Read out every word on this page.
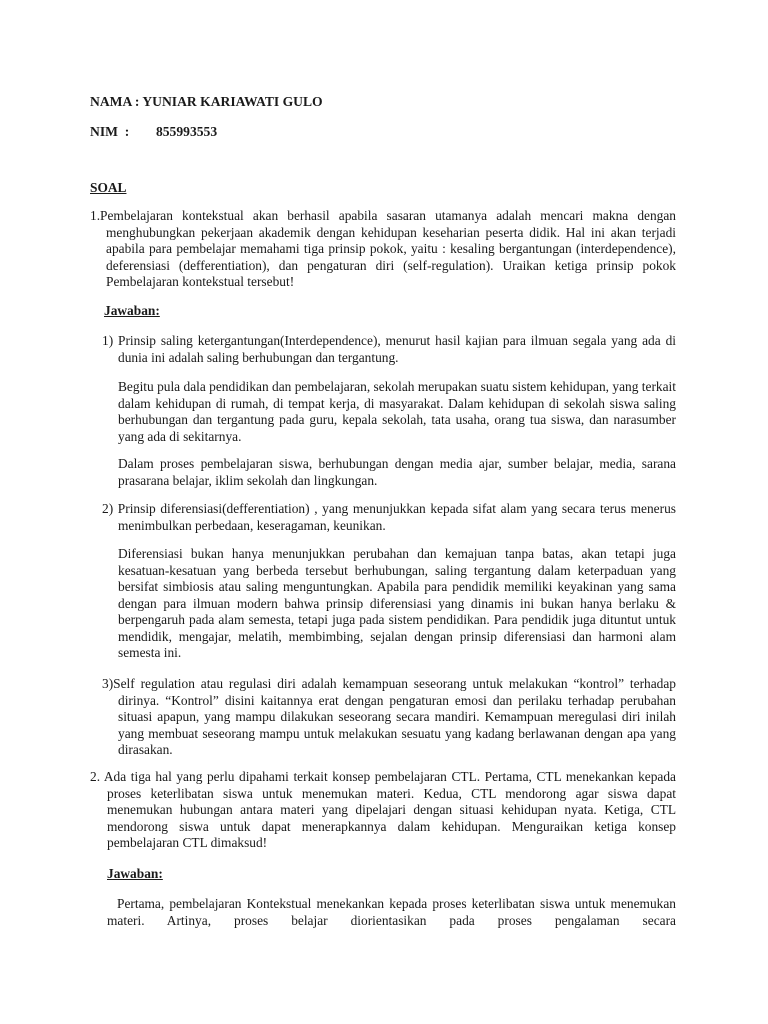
NAMA : YUNIAR KARIAWATI GULO
NIM  : 855993553
SOAL
1.Pembelajaran kontekstual akan berhasil apabila sasaran utamanya adalah mencari makna dengan menghubungkan pekerjaan akademik dengan kehidupan keseharian peserta didik. Hal ini akan terjadi apabila para pembelajar memahami tiga prinsip pokok, yaitu : kesaling bergantungan (interdependence), deferensiasi (defferentiation), dan pengaturan diri (self-regulation). Uraikan ketiga prinsip pokok Pembelajaran kontekstual tersebut!
Jawaban:
1) Prinsip saling ketergantungan(Interdependence), menurut hasil kajian para ilmuan segala yang ada di dunia ini adalah saling berhubungan dan tergantung.
Begitu pula dala pendidikan dan pembelajaran, sekolah merupakan suatu sistem kehidupan, yang terkait dalam kehidupan di rumah, di tempat kerja, di masyarakat. Dalam kehidupan di sekolah siswa saling berhubungan dan tergantung pada guru, kepala sekolah, tata usaha, orang tua siswa, dan narasumber yang ada di sekitarnya.
Dalam proses pembelajaran siswa, berhubungan dengan media ajar, sumber belajar, media, sarana prasarana belajar, iklim sekolah dan lingkungan.
2) Prinsip diferensiasi(defferentiation) , yang menunjukkan kepada sifat alam yang secara terus menerus menimbulkan perbedaan, keseragaman, keunikan.
Diferensiasi bukan hanya menunjukkan perubahan dan kemajuan tanpa batas, akan tetapi juga kesatuan-kesatuan yang berbeda tersebut berhubungan, saling tergantung dalam keterpaduan yang bersifat simbiosis atau saling menguntungkan. Apabila para pendidik memiliki keyakinan yang sama dengan para ilmuan modern bahwa prinsip diferensiasi yang dinamis ini bukan hanya berlaku & berpengaruh pada alam semesta, tetapi juga pada sistem pendidikan. Para pendidik juga dituntut untuk mendidik, mengajar, melatih, membimbing, sejalan dengan prinsip diferensiasi dan harmoni alam semesta ini.
3)Self regulation atau regulasi diri adalah kemampuan seseorang untuk melakukan “kontrol” terhadap dirinya. “Kontrol” disini kaitannya erat dengan pengaturan emosi dan perilaku terhadap perubahan situasi apapun, yang mampu dilakukan seseorang secara mandiri. Kemampuan meregulasi diri inilah yang membuat seseorang mampu untuk melakukan sesuatu yang kadang berlawanan dengan apa yang dirasakan.
2. Ada tiga hal yang perlu dipahami terkait konsep pembelajaran CTL. Pertama, CTL menekankan kepada proses keterlibatan siswa untuk menemukan materi. Kedua, CTL mendorong agar siswa dapat menemukan hubungan antara materi yang dipelajari dengan situasi kehidupan nyata. Ketiga, CTL mendorong siswa untuk dapat menerapkannya dalam kehidupan. Menguraikan ketiga konsep pembelajaran CTL dimaksud!
Jawaban:
Pertama, pembelajaran Kontekstual menekankan kepada proses keterlibatan siswa untuk menemukan materi. Artinya, proses belajar diorientasikan pada proses pengalaman secara
